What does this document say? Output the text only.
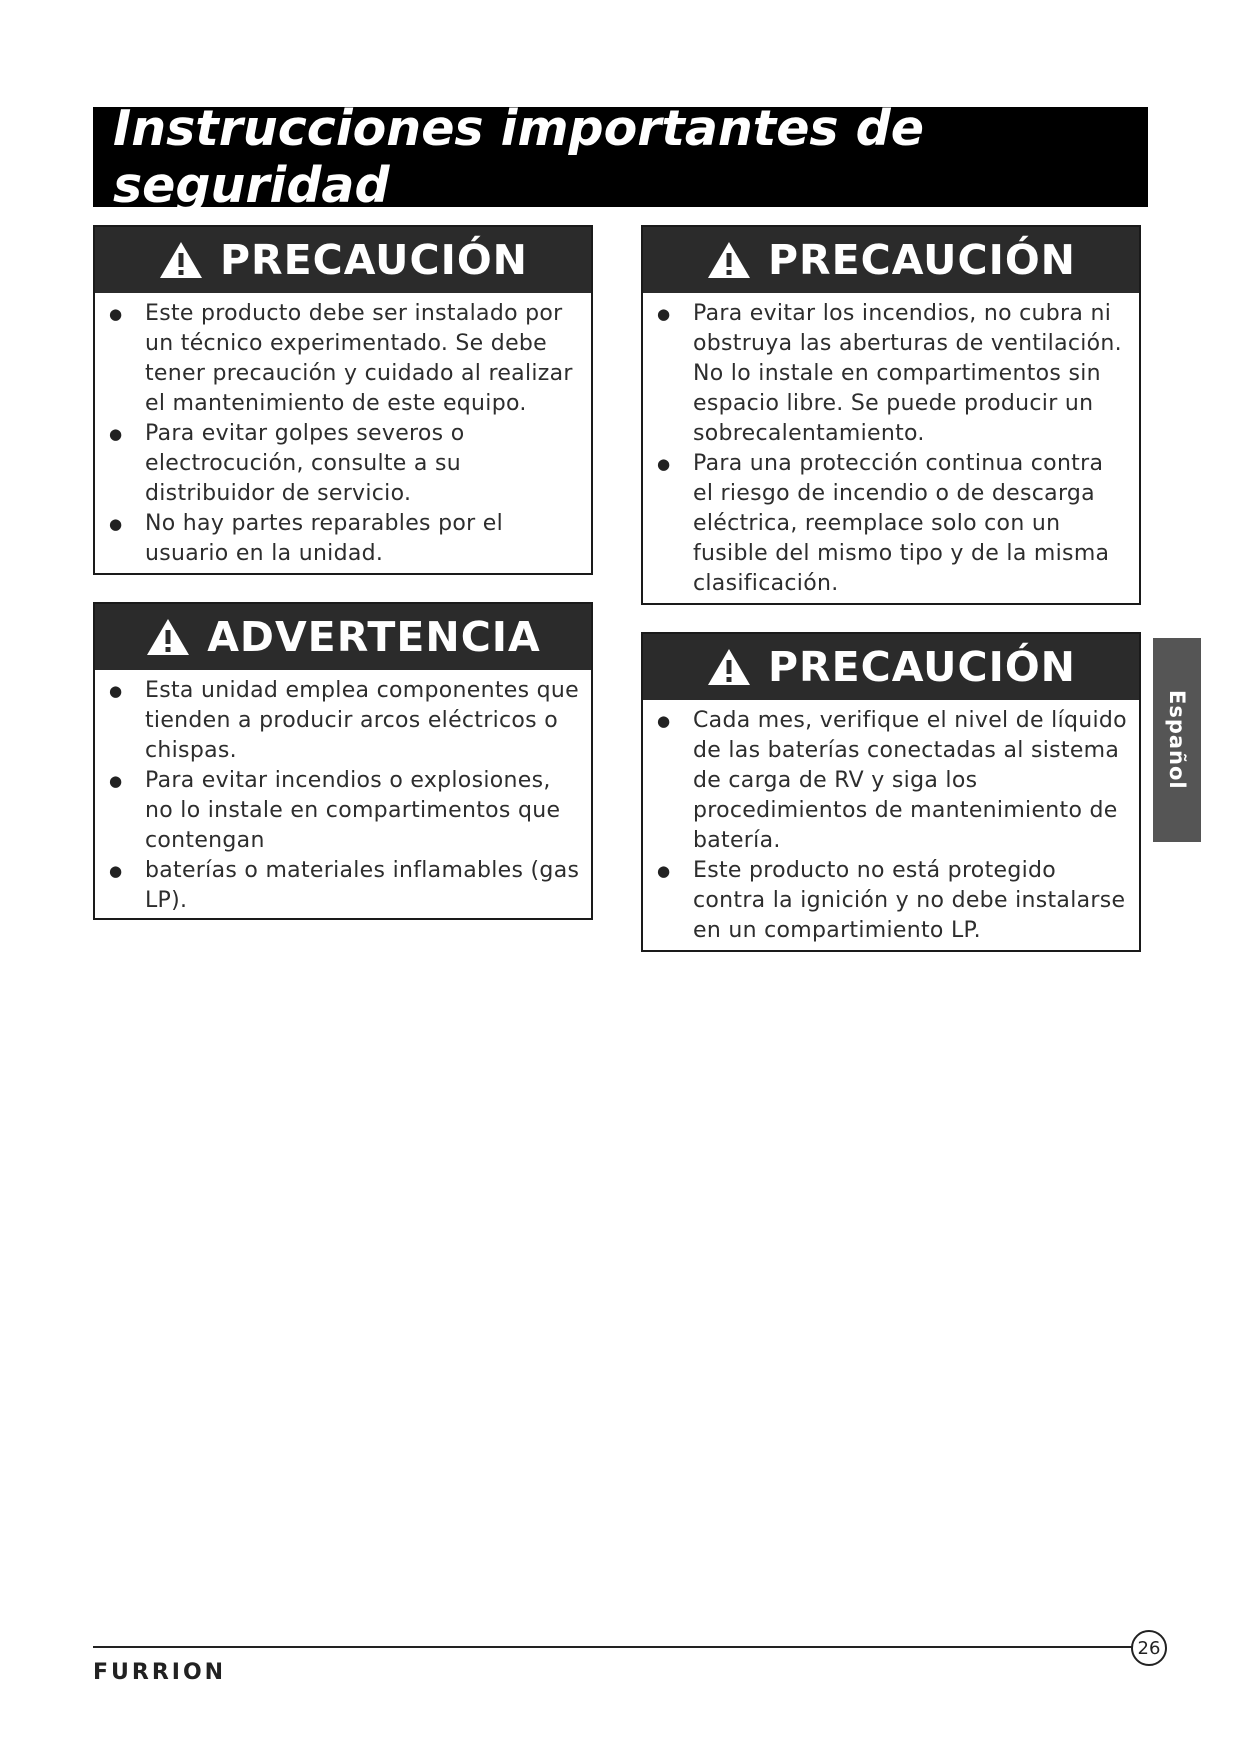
Instrucciones importantes de seguridad
PRECAUCIÓN
● Este producto debe ser instalado por un técnico experimentado. Se debe tener precaución y cuidado al realizar el mantenimiento de este equipo.
● Para evitar golpes severos o electrocución, consulte a su distribuidor de servicio.
● No hay partes reparables por el usuario en la unidad.
ADVERTENCIA
● Esta unidad emplea componentes que tienden a producir arcos eléctricos o chispas.
● Para evitar incendios o explosiones, no lo instale en compartimentos que contengan
● baterías o materiales inflamables (gas LP).
PRECAUCIÓN
● Para evitar los incendios, no cubra ni obstruya las aberturas de ventilación. No lo instale en compartimentos sin espacio libre. Se puede producir un sobrecalentamiento.
● Para una protección continua contra el riesgo de incendio o de descarga eléctrica, reemplace solo con un fusible del mismo tipo y de la misma clasificación.
PRECAUCIÓN
● Cada mes, verifique el nivel de líquido de las baterías conectadas al sistema de carga de RV y siga los procedimientos de mantenimiento de batería.
● Este producto no está protegido contra la ignición y no debe instalarse en un compartimiento LP.
Español
26
FURRION
